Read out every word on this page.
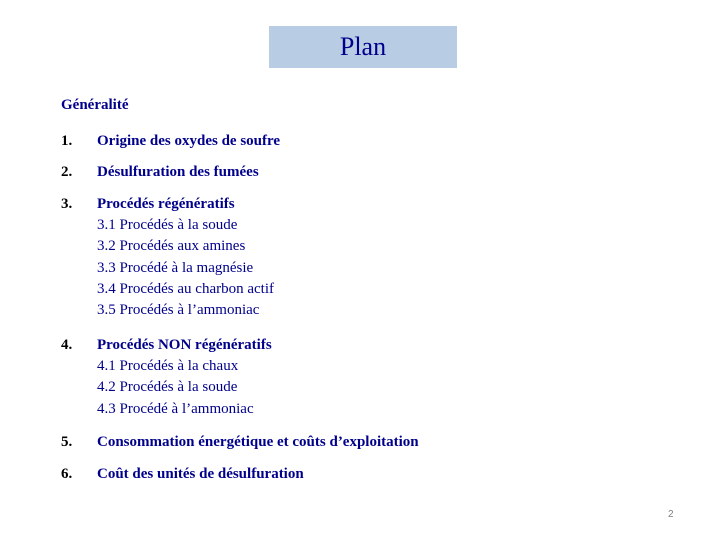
Plan
Généralité
1. Origine des oxydes de soufre
2. Désulfuration des fumées
3. Procédés régénératifs
3.1 Procédés à la soude
3.2 Procédés aux amines
3.3 Procédé à la magnésie
3.4 Procédés au charbon actif
3.5 Procédés à l’ammoniac
4. Procédés NON régénératifs
4.1 Procédés à la chaux
4.2 Procédés à la soude
4.3 Procédé à l’ammoniac
5. Consommation énergétique et coûts d’exploitation
6. Coût des unités de désulfuration
2
